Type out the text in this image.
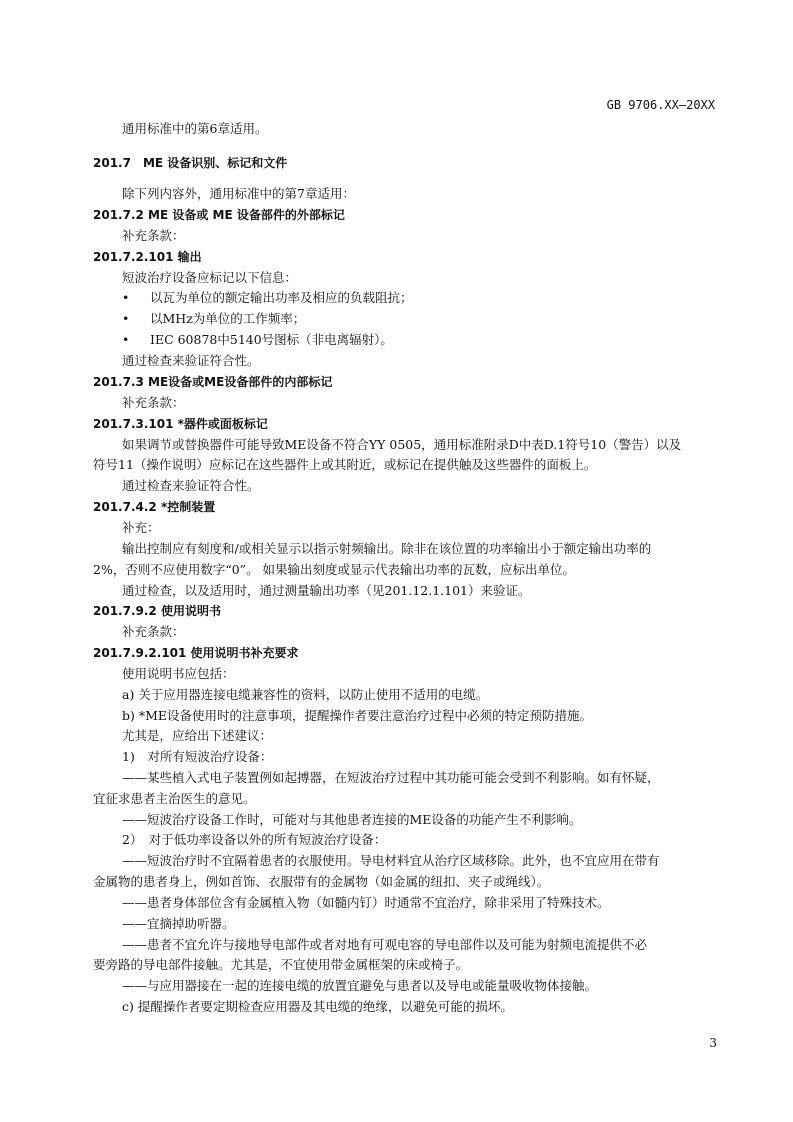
GB 9706.XX—20XX
通用标准中的第6章适用。
201.7　ME 设备识别、标记和文件
除下列内容外，通用标准中的第7章适用：
201.7.2 ME 设备或 ME 设备部件的外部标记
补充条款：
201.7.2.101 输出
短波治疗设备应标记以下信息：
• 以瓦为单位的额定输出功率及相应的负载阻抗；
• 以MHz为单位的工作频率；
• IEC 60878中5140号图标（非电离辐射）。
通过检查来验证符合性。
201.7.3 ME设备或ME设备部件的内部标记
补充条款：
201.7.3.101 *器件或面板标记
如果调节或替换器件可能导致ME设备不符合YY 0505，通用标准附录D中表D.1符号10（警告）以及
符号11（操作说明）应标记在这些器件上或其附近，或标记在提供触及这些器件的面板上。
通过检查来验证符合性。
201.7.4.2 *控制装置
补充：
输出控制应有刻度和/或相关显示以指示射频输出。除非在该位置的功率输出小于额定输出功率的
2%，否则不应使用数字“0”。 如果输出刻度或显示代表输出功率的瓦数，应标出单位。
通过检查，以及适用时，通过测量输出功率（见201.12.1.101）来验证。
201.7.9.2 使用说明书
补充条款：
201.7.9.2.101 使用说明书补充要求
使用说明书应包括：
a) 关于应用器连接电缆兼容性的资料，以防止使用不适用的电缆。
b) *ME设备使用时的注意事项，提醒操作者要注意治疗过程中必须的特定预防措施。
尤其是，应给出下述建议：
1)　对所有短波治疗设备：
——某些植入式电子装置例如起搏器，在短波治疗过程中其功能可能会受到不利影响。如有怀疑，
宜征求患者主治医生的意见。
——短波治疗设备工作时，可能对与其他患者连接的ME设备的功能产生不利影响。
2）　对于低功率设备以外的所有短波治疗设备：
——短波治疗时不宜隔着患者的衣服使用。导电材料宜从治疗区域移除。此外，也不宜应用在带有
金属物的患者身上，例如首饰、衣服带有的金属物（如金属的纽扣、夹子或绳线）。
——患者身体部位含有金属植入物（如髓内钉）时通常不宜治疗，除非采用了特殊技术。
——宜摘掉助听器。
——患者不宜允许与接地导电部件或者对地有可观电容的导电部件以及可能为射频电流提供不必
要旁路的导电部件接触。尤其是，不宜使用带金属框架的床或椅子。
——与应用器接在一起的连接电缆的放置宜避免与患者以及导电或能量吸收物体接触。
c) 提醒操作者要定期检查应用器及其电缆的绝缘，以避免可能的损坏。
3
